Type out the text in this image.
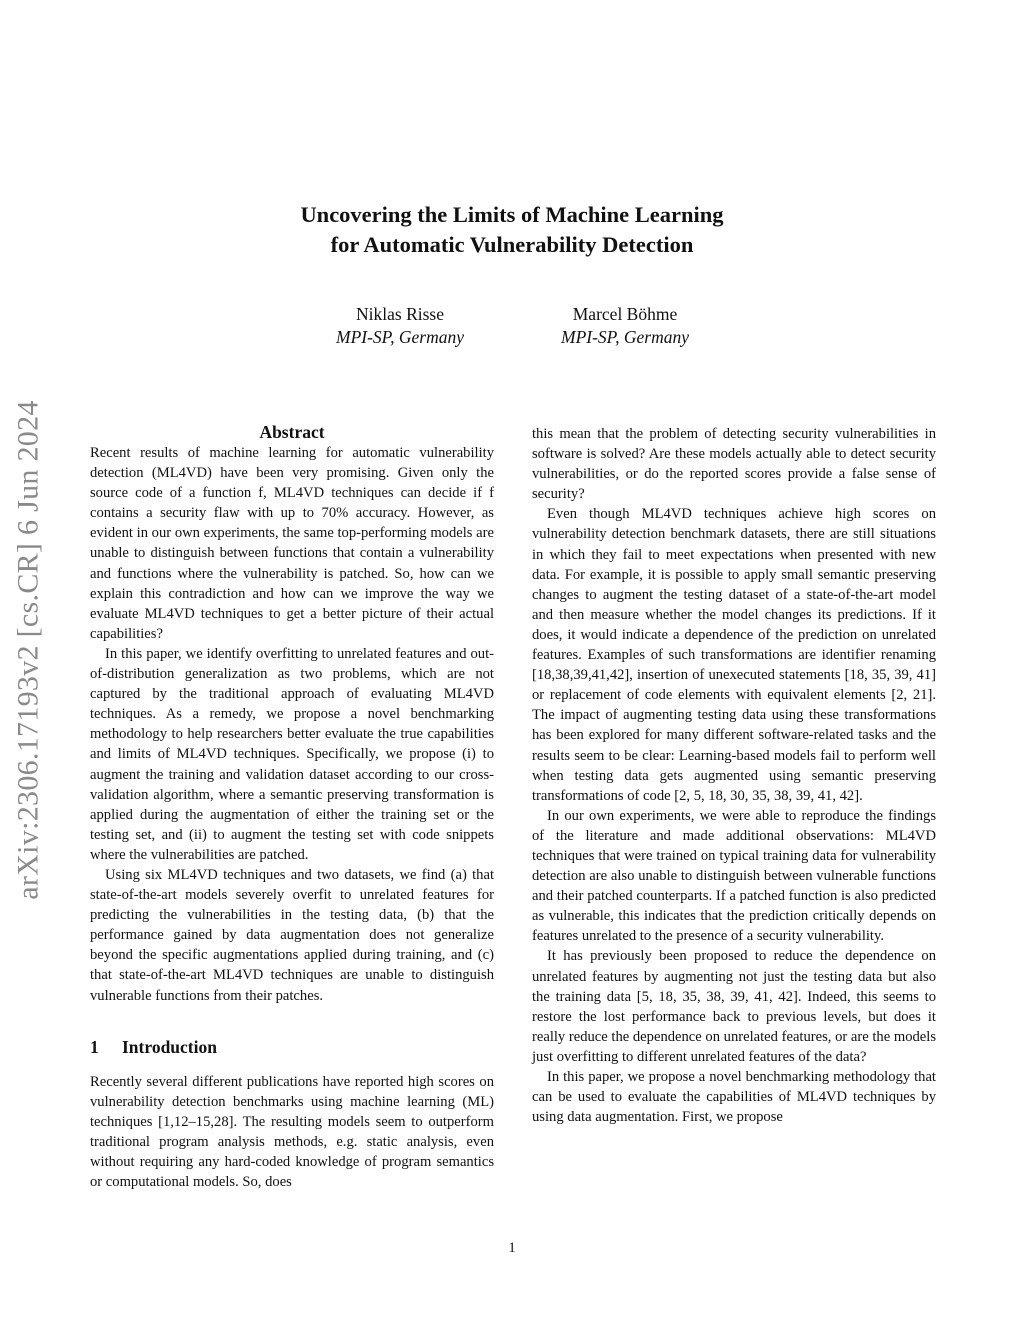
arXiv:2306.17193v2 [cs.CR] 6 Jun 2024
Uncovering the Limits of Machine Learning
for Automatic Vulnerability Detection
Niklas Risse
MPI-SP, Germany
Marcel Böhme
MPI-SP, Germany
Abstract

Recent results of machine learning for automatic vulnerability detection (ML4VD) have been very promising. Given only the source code of a function f, ML4VD techniques can decide if f contains a security flaw with up to 70% accuracy. However, as evident in our own experiments, the same top-performing models are unable to distinguish between functions that contain a vulnerability and functions where the vulnerability is patched. So, how can we explain this contradiction and how can we improve the way we evaluate ML4VD techniques to get a better picture of their actual capabilities?

In this paper, we identify overfitting to unrelated features and out-of-distribution generalization as two problems, which are not captured by the traditional approach of evaluating ML4VD techniques. As a remedy, we propose a novel benchmarking methodology to help researchers better evaluate the true capabilities and limits of ML4VD techniques. Specifically, we propose (i) to augment the training and validation dataset according to our cross-validation algorithm, where a semantic preserving transformation is applied during the augmentation of either the training set or the testing set, and (ii) to augment the testing set with code snippets where the vulnerabilities are patched.

Using six ML4VD techniques and two datasets, we find (a) that state-of-the-art models severely overfit to unrelated features for predicting the vulnerabilities in the testing data, (b) that the performance gained by data augmentation does not generalize beyond the specific augmentations applied during training, and (c) that state-of-the-art ML4VD techniques are unable to distinguish vulnerable functions from their patches.

1 Introduction

Recently several different publications have reported high scores on vulnerability detection benchmarks using machine learning (ML) techniques [1,12–15,28]. The resulting models seem to outperform traditional program analysis methods, e.g. static analysis, even without requiring any hard-coded knowledge of program semantics or computational models. So, does

this mean that the problem of detecting security vulnerabilities in software is solved? Are these models actually able to detect security vulnerabilities, or do the reported scores provide a false sense of security?

Even though ML4VD techniques achieve high scores on vulnerability detection benchmark datasets, there are still situations in which they fail to meet expectations when presented with new data. For example, it is possible to apply small semantic preserving changes to augment the testing dataset of a state-of-the-art model and then measure whether the model changes its predictions. If it does, it would indicate a dependence of the prediction on unrelated features. Examples of such transformations are identifier renaming [18,38,39,41,42], insertion of unexecuted statements [18, 35, 39, 41] or replacement of code elements with equivalent elements [2, 21]. The impact of augmenting testing data using these transformations has been explored for many different software-related tasks and the results seem to be clear: Learning-based models fail to perform well when testing data gets augmented using semantic preserving transformations of code [2, 5, 18, 30, 35, 38, 39, 41, 42].

In our own experiments, we were able to reproduce the findings of the literature and made additional observations: ML4VD techniques that were trained on typical training data for vulnerability detection are also unable to distinguish between vulnerable functions and their patched counterparts. If a patched function is also predicted as vulnerable, this indicates that the prediction critically depends on features unrelated to the presence of a security vulnerability.

It has previously been proposed to reduce the dependence on unrelated features by augmenting not just the testing data but also the training data [5, 18, 35, 38, 39, 41, 42]. Indeed, this seems to restore the lost performance back to previous levels, but does it really reduce the dependence on unrelated features, or are the models just overfitting to different unrelated features of the data?

In this paper, we propose a novel benchmarking methodology that can be used to evaluate the capabilities of ML4VD techniques by using data augmentation. First, we propose

1
